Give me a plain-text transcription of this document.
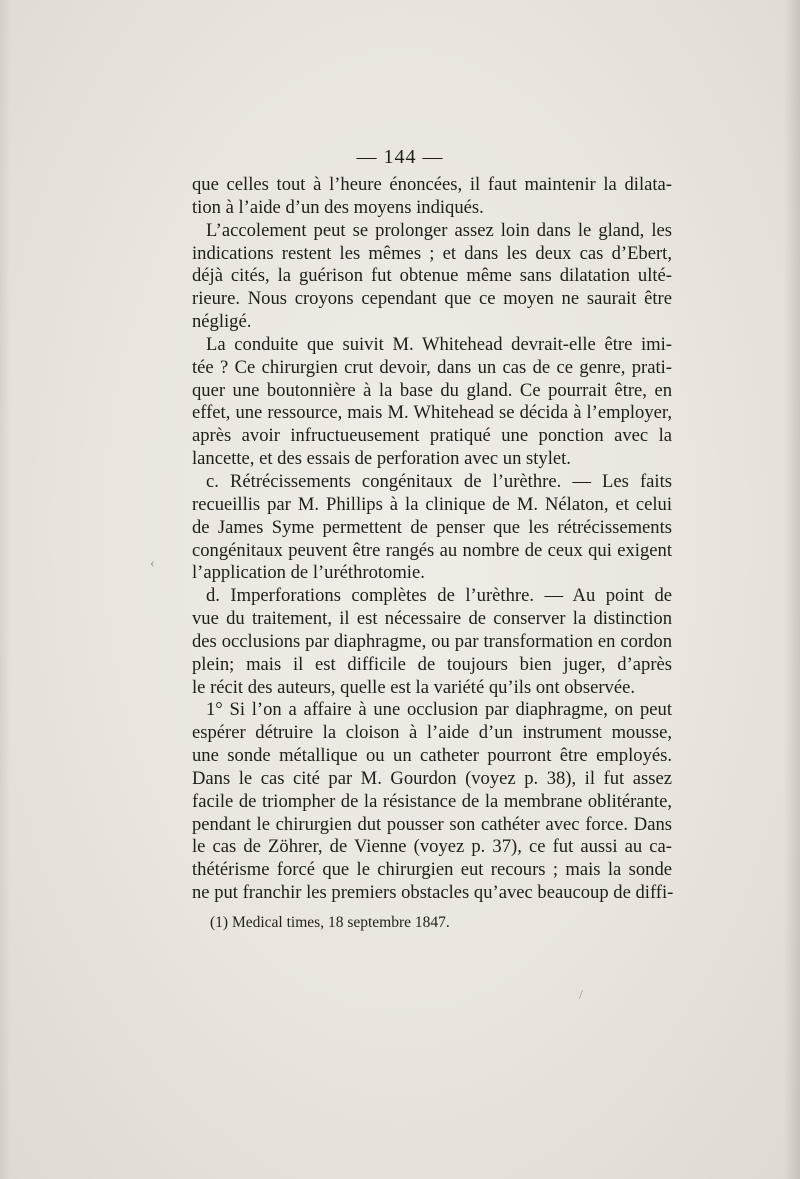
— 144 —
que celles tout à l’heure énoncées, il faut maintenir la dilata-
tion à l’aide d’un des moyens indiqués.
L’accolement peut se prolonger assez loin dans le gland, les
indications restent les mêmes ; et dans les deux cas d’Ebert,
déjà cités, la guérison fut obtenue même sans dilatation ulté-
rieure. Nous croyons cependant que ce moyen ne saurait être
négligé.
La conduite que suivit M. Whitehead devrait-elle être imi-
tée ? Ce chirurgien crut devoir, dans un cas de ce genre, prati-
quer une boutonnière à la base du gland. Ce pourrait être, en
effet, une ressource, mais M. Whitehead se décida à l’employer,
après avoir infructueusement pratiqué une ponction avec la
lancette, et des essais de perforation avec un stylet.
c. Rétrécissements congénitaux de l’urèthre. — Les faits
recueillis par M. Phillips à la clinique de M. Nélaton, et celui
de James Syme permettent de penser que les rétrécissements
congénitaux peuvent être rangés au nombre de ceux qui exigent
l’application de l’uréthrotomie.
d. Imperforations complètes de l’urèthre. — Au point de
vue du traitement, il est nécessaire de conserver la distinction
des occlusions par diaphragme, ou par transformation en cordon
plein; mais il est difficile de toujours bien juger, d’après
le récit des auteurs, quelle est la variété qu’ils ont observée.
1° Si l’on a affaire à une occlusion par diaphragme, on peut
espérer détruire la cloison à l’aide d’un instrument mousse,
une sonde métallique ou un catheter pourront être employés.
Dans le cas cité par M. Gourdon (voyez p. 38), il fut assez
facile de triompher de la résistance de la membrane oblitérante,
pendant le chirurgien dut pousser son cathéter avec force. Dans
le cas de Zöhrer, de Vienne (voyez p. 37), ce fut aussi au ca-
thétérisme forcé que le chirurgien eut recours ; mais la sonde
ne put franchir les premiers obstacles qu’avec beaucoup de diffi-
(1) Medical times, 18 septembre 1847.
‹
/
